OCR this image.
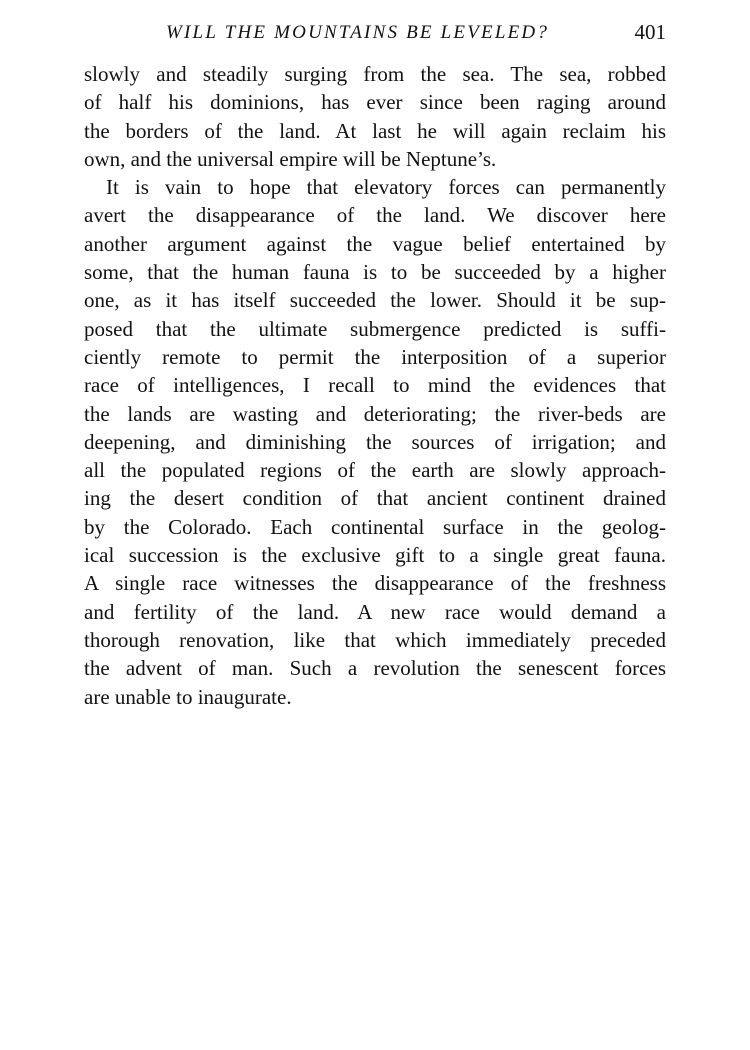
WILL THE MOUNTAINS BE LEVELED?	401
slowly and steadily surging from the sea. The sea, robbed
of half his dominions, has ever since been raging around
the borders of the land. At last he will again reclaim his
own, and the universal empire will be Neptune’s.
It is vain to hope that elevatory forces can permanently
avert the disappearance of the land. We discover here
another argument against the vague belief entertained by
some, that the human fauna is to be succeeded by a higher
one, as it has itself succeeded the lower. Should it be sup-
posed that the ultimate submergence predicted is suffi-
ciently remote to permit the interposition of a superior
race of intelligences, I recall to mind the evidences that
the lands are wasting and deteriorating; the river-beds are
deepening, and diminishing the sources of irrigation; and
all the populated regions of the earth are slowly approach-
ing the desert condition of that ancient continent drained
by the Colorado. Each continental surface in the geolog-
ical succession is the exclusive gift to a single great fauna.
A single race witnesses the disappearance of the freshness
and fertility of the land. A new race would demand a
thorough renovation, like that which immediately preceded
the advent of man. Such a revolution the senescent forces
are unable to inaugurate.
